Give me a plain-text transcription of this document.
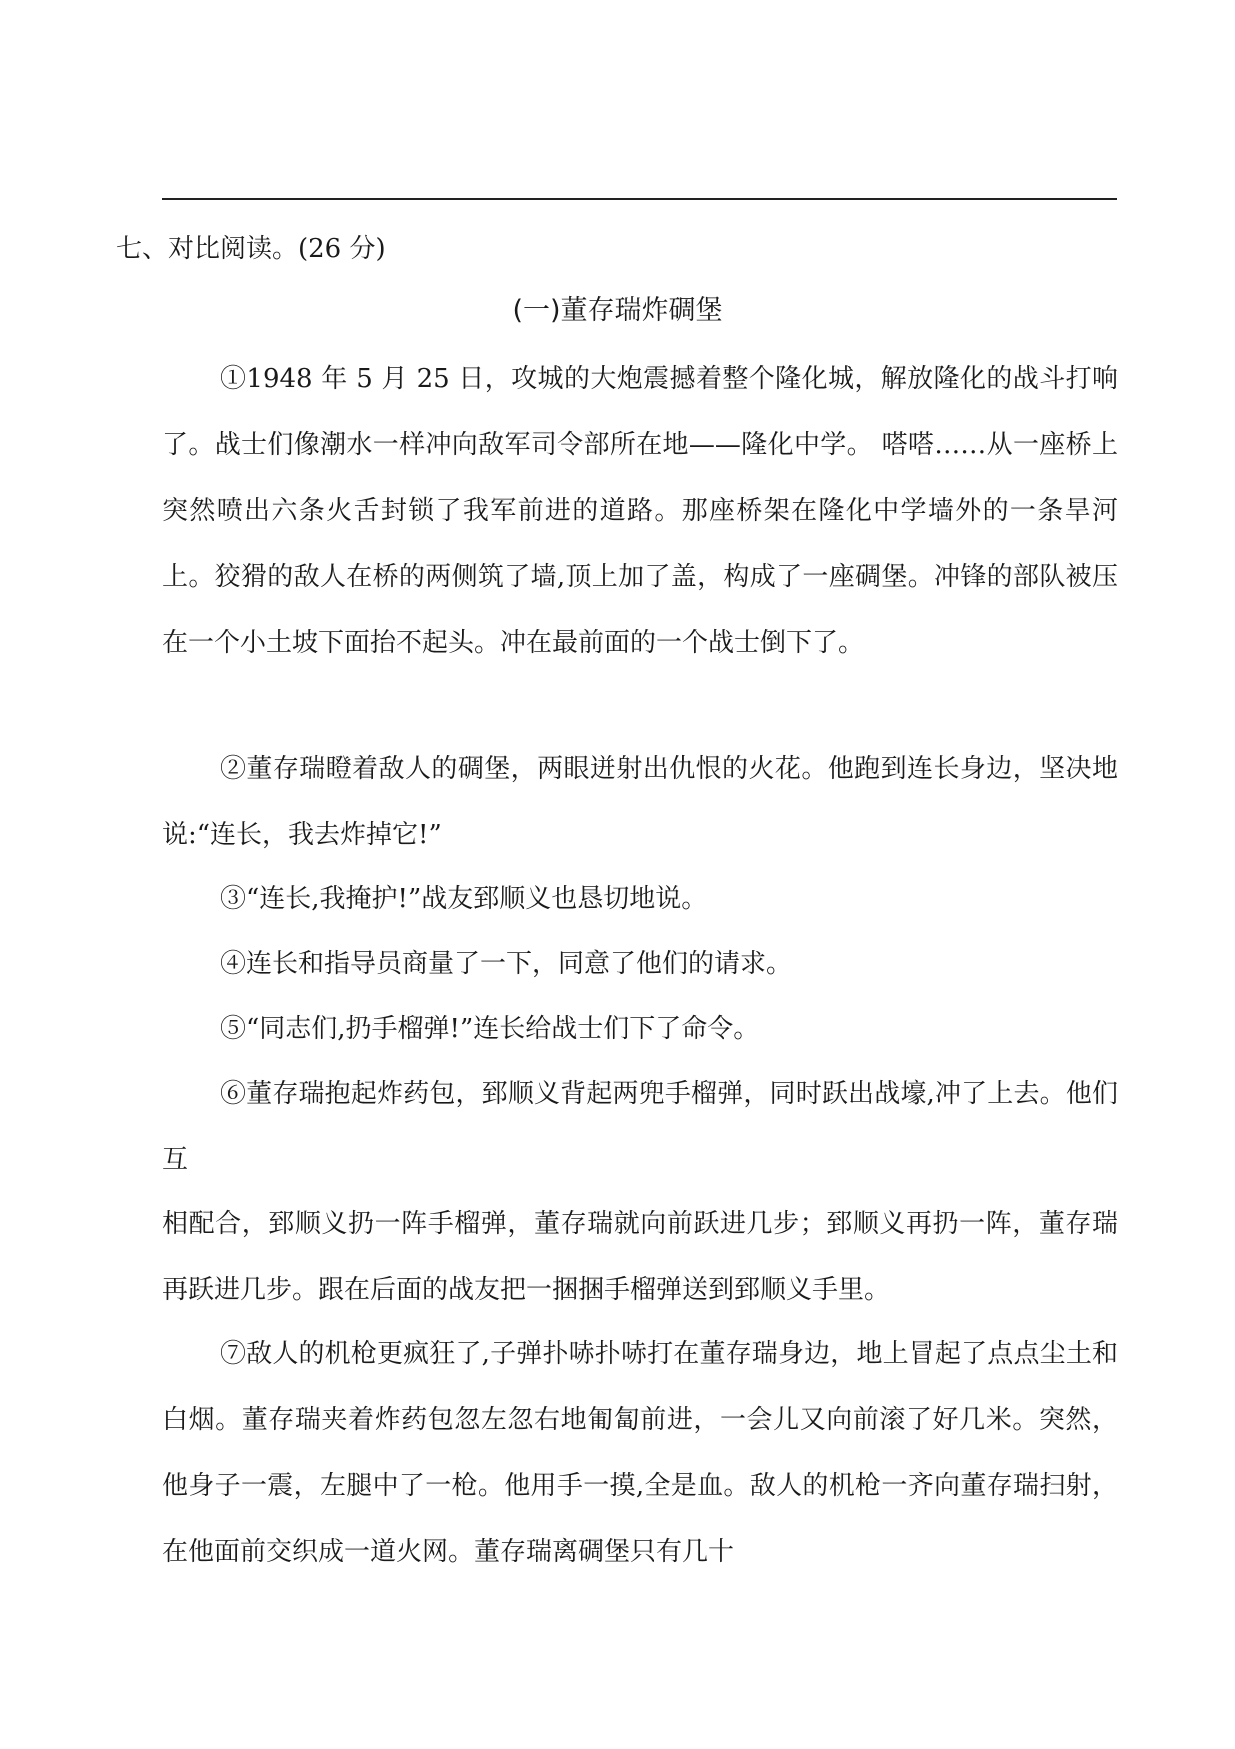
七、对比阅读。(26 分)
(一)董存瑞炸碉堡

①1948 年 5 月 25 日，攻城的大炮震撼着整个隆化城，解放隆化的战斗打响了。战士们像潮水一样冲向敌军司令部所在地——隆化中学。 嗒嗒……从一座桥上突然喷出六条火舌封锁了我军前进的道路。那座桥架在隆化中学墙外的一条旱河上。狡猾的敌人在桥的两侧筑了墙,顶上加了盖，构成了一座碉堡。冲锋的部队被压在一个小土坡下面抬不起头。冲在最前面的一个战士倒下了。

②董存瑞瞪着敌人的碉堡，两眼迸射出仇恨的火花。他跑到连长身边，坚决地说:“连长，我去炸掉它!”

③“连长,我掩护!”战友郅顺义也恳切地说。

④连长和指导员商量了一下，同意了他们的请求。

⑤“同志们,扔手榴弹!”连长给战士们下了命令。

⑥董存瑞抱起炸药包，郅顺义背起两兜手榴弹，同时跃出战壕,冲了上去。他们互

相配合，郅顺义扔一阵手榴弹，董存瑞就向前跃进几步；郅顺义再扔一阵，董存瑞再跃进几步。跟在后面的战友把一捆捆手榴弹送到郅顺义手里。

⑦敌人的机枪更疯狂了,子弹扑哧扑哧打在董存瑞身边，地上冒起了点点尘土和白烟。董存瑞夹着炸药包忽左忽右地匍匐前进，一会儿又向前滚了好几米。突然，他身子一震，左腿中了一枪。他用手一摸,全是血。敌人的机枪一齐向董存瑞扫射，在他面前交织成一道火网。董存瑞离碉堡只有几十
